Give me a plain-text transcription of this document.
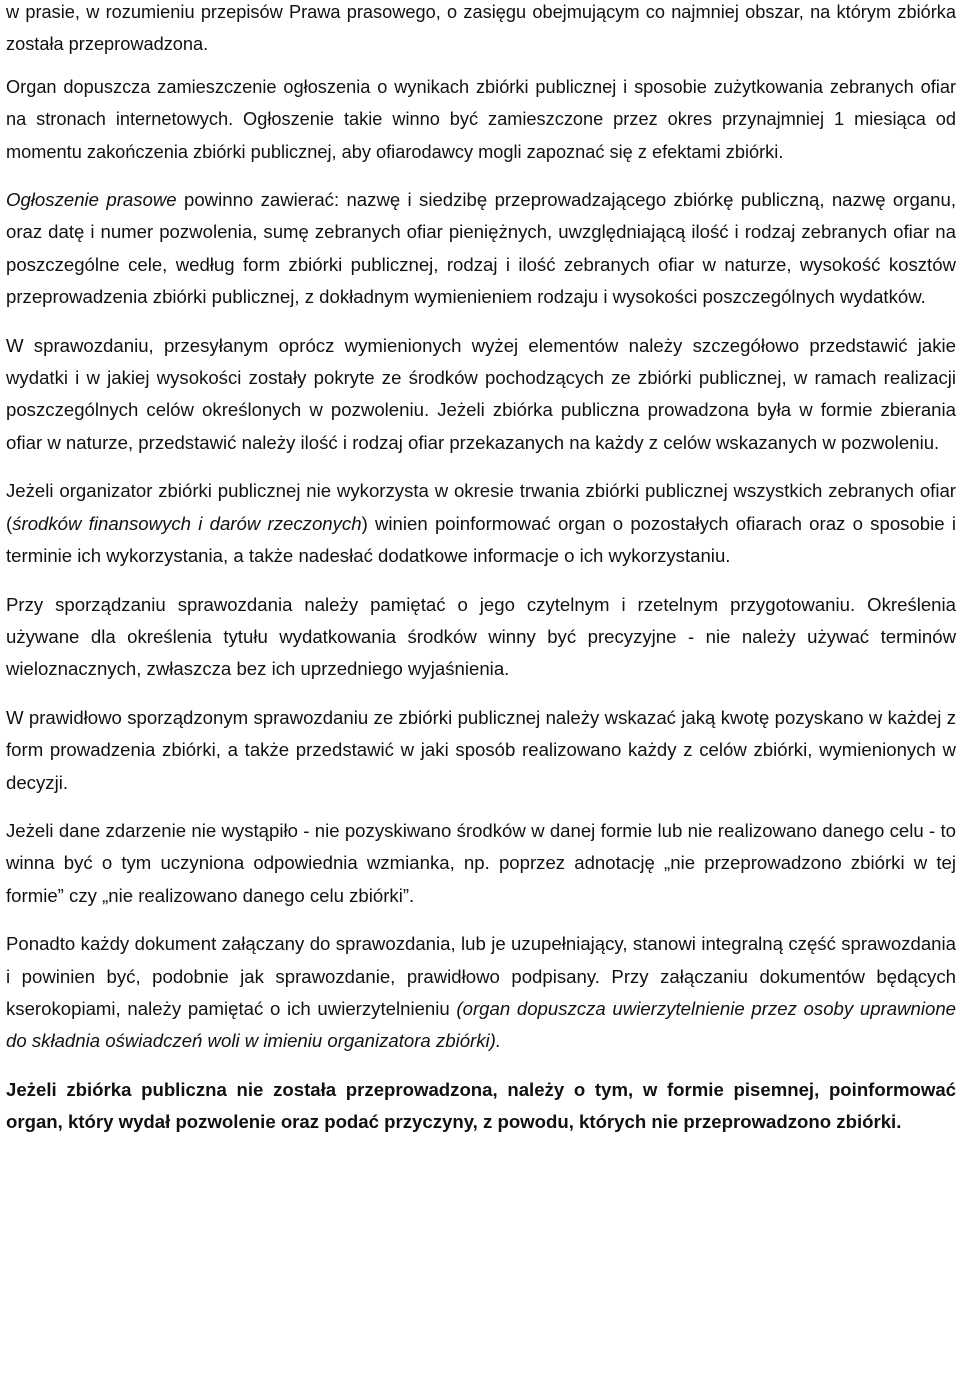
w prasie, w rozumieniu przepisów Prawa prasowego, o zasięgu obejmującym co najmniej obszar, na którym zbiórka została przeprowadzona.

Organ dopuszcza zamieszczenie ogłoszenia o wynikach zbiórki publicznej i sposobie zużytkowania zebranych ofiar na stronach internetowych. Ogłoszenie takie winno być zamieszczone przez okres przynajmniej 1 miesiąca od momentu zakończenia zbiórki publicznej, aby ofiarodawcy mogli zapoznać się z efektami zbiórki.

Ogłoszenie prasowe powinno zawierać: nazwę i siedzibę przeprowadzającego zbiórkę publiczną, nazwę organu, oraz datę i numer pozwolenia, sumę zebranych ofiar pieniężnych, uwzględniającą ilość i rodzaj zebranych ofiar na poszczególne cele, według form zbiórki publicznej, rodzaj i ilość zebranych ofiar w naturze, wysokość kosztów przeprowadzenia zbiórki publicznej, z dokładnym wymienieniem rodzaju i wysokości poszczególnych wydatków.

W sprawozdaniu, przesyłanym oprócz wymienionych wyżej elementów należy szczegółowo przedstawić jakie wydatki i w jakiej wysokości zostały pokryte ze środków pochodzących ze zbiórki publicznej, w ramach realizacji poszczególnych celów określonych w pozwoleniu. Jeżeli zbiórka publiczna prowadzona była w formie zbierania ofiar w naturze, przedstawić należy ilość i rodzaj ofiar przekazanych na każdy z celów wskazanych w pozwoleniu.

Jeżeli organizator zbiórki publicznej nie wykorzysta w okresie trwania zbiórki publicznej wszystkich zebranych ofiar (środków finansowych i darów rzeczonych) winien poinformować organ o pozostałych ofiarach oraz o sposobie i terminie ich wykorzystania, a także nadesłać dodatkowe informacje o ich wykorzystaniu.

Przy sporządzaniu sprawozdania należy pamiętać o jego czytelnym i rzetelnym przygotowaniu. Określenia używane dla określenia tytułu wydatkowania środków winny być precyzyjne - nie należy używać terminów wieloznacznych, zwłaszcza bez ich uprzedniego wyjaśnienia.

W prawidłowo sporządzonym sprawozdaniu ze zbiórki publicznej należy wskazać jaką kwotę pozyskano w każdej z form prowadzenia zbiórki, a także przedstawić w jaki sposób realizowano każdy z celów zbiórki, wymienionych w decyzji.

Jeżeli dane zdarzenie nie wystąpiło - nie pozyskiwano środków w danej formie lub nie realizowano danego celu - to winna być o tym uczyniona odpowiednia wzmianka, np. poprzez adnotację „nie przeprowadzono zbiórki w tej formie” czy „nie realizowano danego celu zbiórki”.

Ponadto każdy dokument załączany do sprawozdania, lub je uzupełniający, stanowi integralną część sprawozdania i powinien być, podobnie jak sprawozdanie, prawidłowo podpisany. Przy załączaniu dokumentów będących kserokopiami, należy pamiętać o ich uwierzytelnieniu (organ dopuszcza uwierzytelnienie przez osoby uprawnione do składnia oświadczeń woli w imieniu organizatora zbiórki).

Jeżeli zbiórka publiczna nie została przeprowadzona, należy o tym, w formie pisemnej, poinformować organ, który wydał pozwolenie oraz podać przyczyny, z powodu, których nie przeprowadzono zbiórki.
